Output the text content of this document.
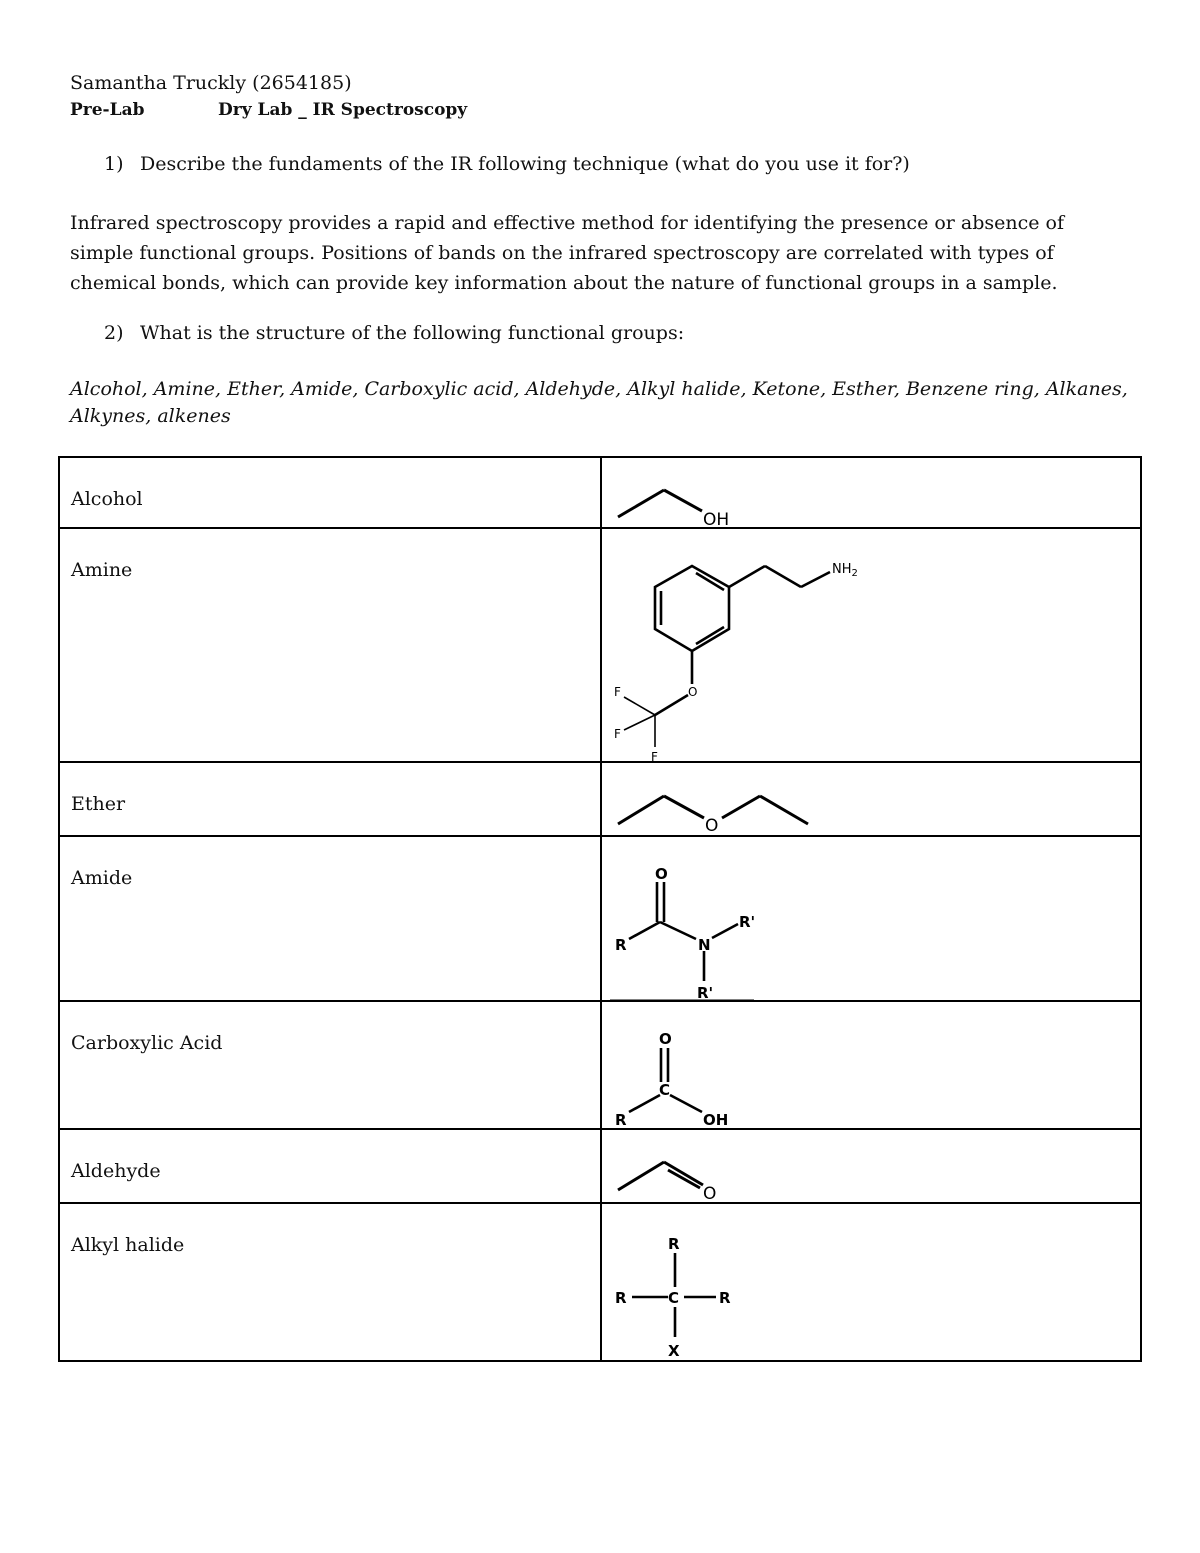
Samantha Truckly (2654185)
Pre-Lab	Dry Lab _ IR Spectroscopy
1) Describe the fundaments of the IR following technique (what do you use it for?)
Infrared spectroscopy provides a rapid and effective method for identifying the presence or absence of simple functional groups. Positions of bands on the infrared spectroscopy are correlated with types of chemical bonds, which can provide key information about the nature of functional groups in a sample.
2) What is the structure of the following functional groups:
Alcohol, Amine, Ether, Amide, Carboxylic acid, Aldehyde, Alkyl halide, Ketone, Esther, Benzene ring, Alkanes, Alkynes, alkenes
Alcohol	OH

Amine	$NH_2$
O
F
F
F

Ether	O

Amide	O
R N
R'
R'

Carboxylic Acid	O
C
R OH

Aldehyde	O

Alkyl halide	R
R C R
X
